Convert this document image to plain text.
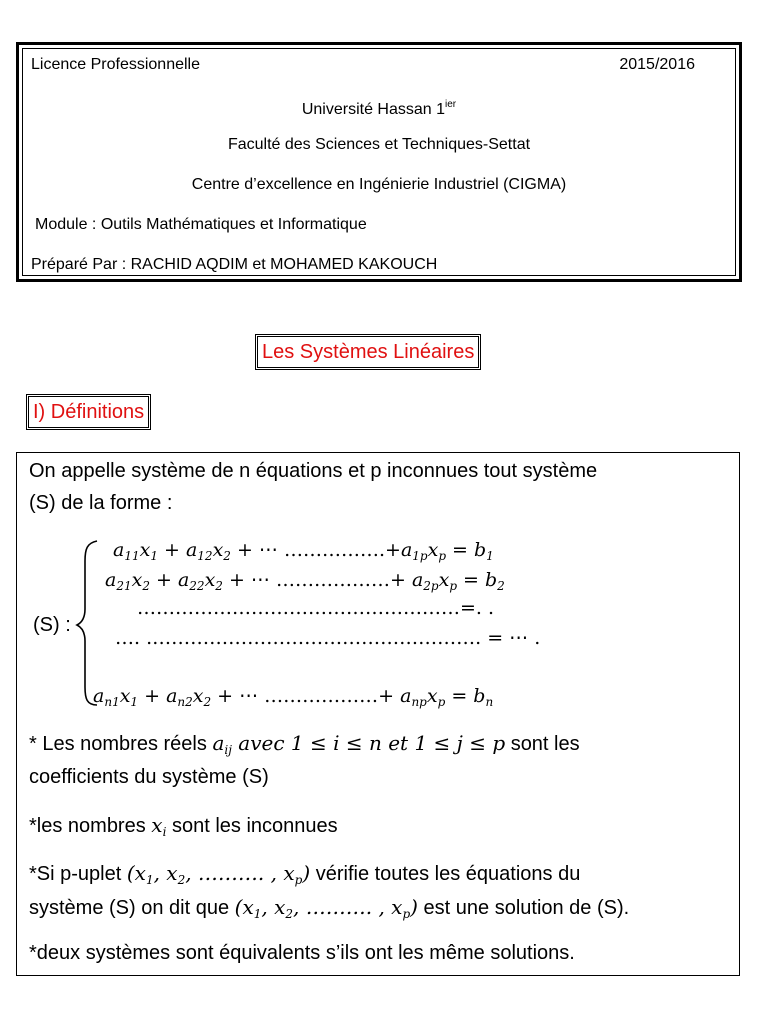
Licence Professionnelle	2015/2016
Université Hassan $1^{ier}$
Faculté des Sciences et Techniques-Settat
Centre d’excellence en Ingénierie Industriel (CIGMA)
Module : Outils Mathématiques et Informatique
Préparé Par : RACHID AQDIM et MOHAMED KAKOUCH
Les Systèmes Linéaires
I) Définitions
On appelle système de n équations et p inconnues tout système
(S) de la forme :
(S) :
$a_{11}x_1 + a_{12}x_2$ + ⋯ $\dots\dots\dots\dots\dots.+a_{1p}x_p = b_1$
$a_{21}x_2 + a_{22}x_2$ + ⋯ ………………+ $a_{2p}x_p = b_2$
……………………………………………=. .
…. .……………………………………………. = ⋯ .
$a_{n1}x_1 + a_{n2}x_2$ + ⋯ ………………+ $a_{np}x_p = b_n$
* Les nombres réels $a_{ij}$ avec 1 ≤ i ≤ n et 1 ≤ j ≤ p sont les
coefficients du système (S)
*les nombres $x_i$ sont les inconnues
*Si p-uplet ($x_1$, $x_2$, ………. , $x_p$) vérifie toutes les équations du
système (S) on dit que ($x_1$, $x_2$, ………. , $x_p$) est une solution de (S).
*deux systèmes sont équivalents s’ils ont les même solutions.
